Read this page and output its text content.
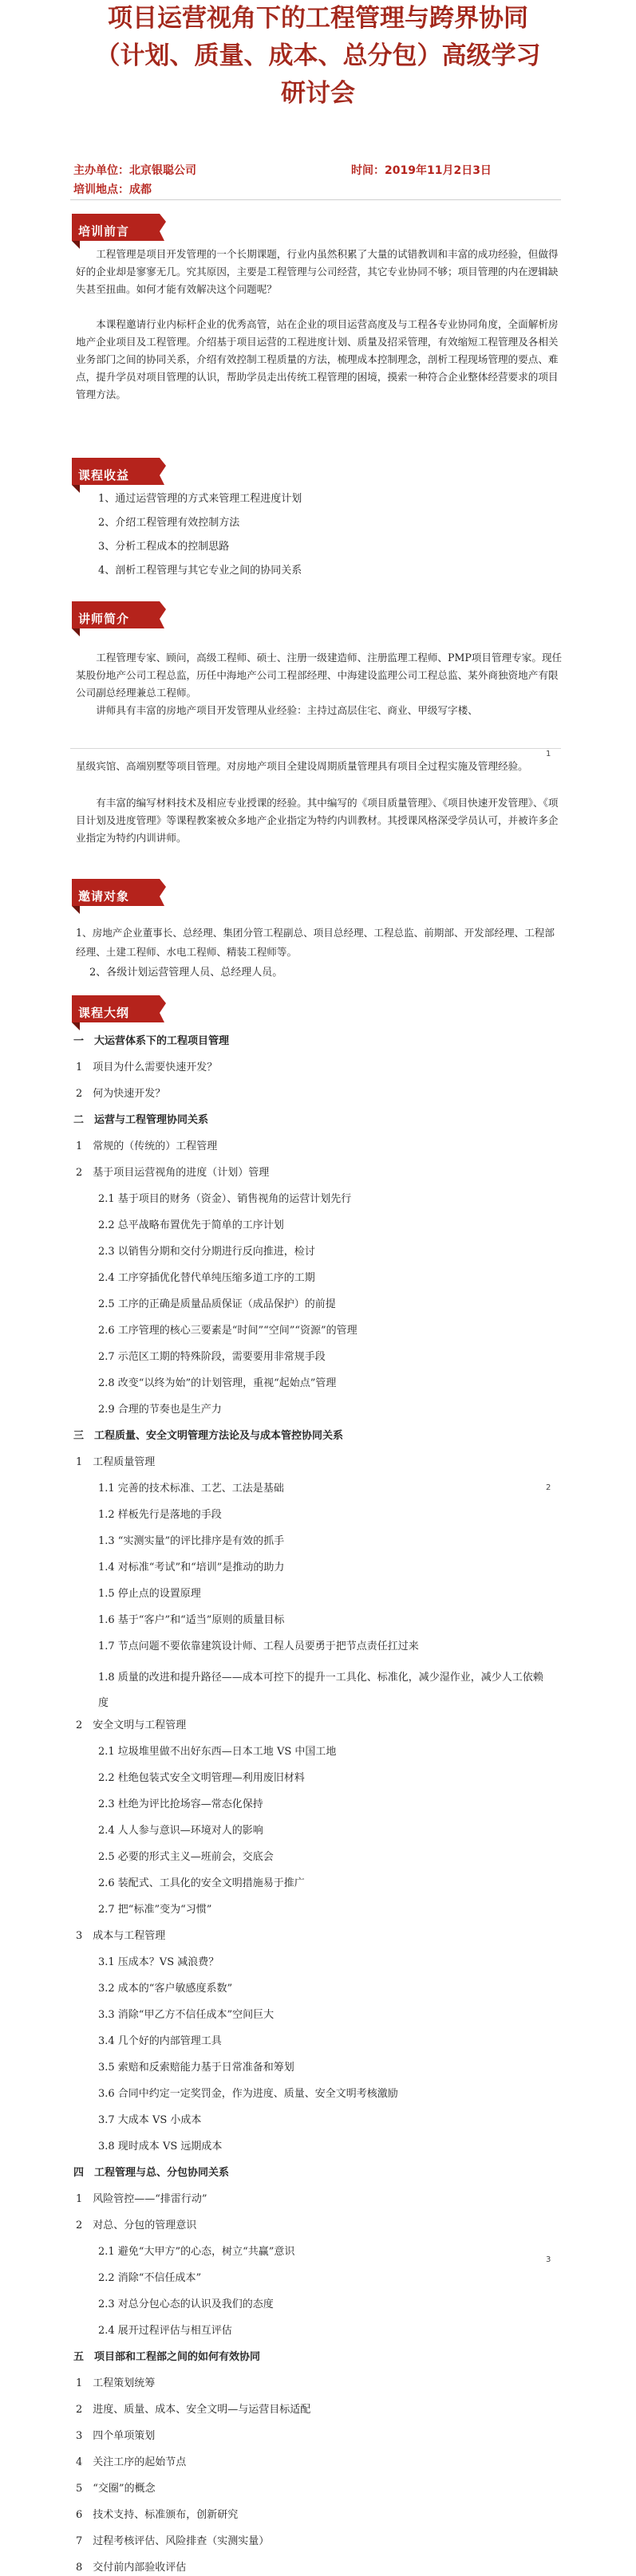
项目运营视角下的工程管理与跨界协同
（计划、质量、成本、总分包）高级学习
研讨会
主办单位：北京银聪公司	时间：2019年11月2日3日
培训地点：成都
培训前言
工程管理是项目开发管理的一个长期课题，行业内虽然积累了大量的试错教训和丰富的成功经验，但做得好的企业却是寥寥无几。究其原因，主要是工程管理与公司经营，其它专业协同不够；项目管理的内在逻辑缺失甚至扭曲。如何才能有效解决这个问题呢？
本课程邀请行业内标杆企业的优秀高管，站在企业的项目运营高度及与工程各专业协同角度，全面解析房地产企业项目及工程管理。介绍基于项目运营的工程进度计划、质量及招采管理，有效缩短工程管理及各相关业务部门之间的协同关系，介绍有效控制工程质量的方法，梳理成本控制理念，剖析工程现场管理的要点、难点，提升学员对项目管理的认识，帮助学员走出传统工程管理的困境，摸索一种符合企业整体经营要求的项目管理方法。
课程收益
1、通过运营管理的方式来管理工程进度计划
2、介绍工程管理有效控制方法
3、分析工程成本的控制思路
4、剖析工程管理与其它专业之间的协同关系
讲师简介
工程管理专家、顾问，高级工程师、硕士、注册一级建造师、注册监理工程师、PMP项目管理专家。现任某股份地产公司工程总监，历任中海地产公司工程部经理、中海建设监理公司工程总监、某外商独资地产有限公司副总经理兼总工程师。
讲师具有丰富的房地产项目开发管理从业经验：主持过高层住宅、商业、甲级写字楼、
1
星级宾馆、高端别墅等项目管理。对房地产项目全建设周期质量管理具有项目全过程实施及管理经验。
有丰富的编写材料技术及相应专业授课的经验。其中编写的《项目质量管理》、《项目快速开发管理》、《项目计划及进度管理》等课程教案被众多地产企业指定为特约内训教材。其授课风格深受学员认可，并被许多企业指定为特约内训讲师。
邀请对象
1、房地产企业董事长、总经理、集团分管工程副总、项目总经理、工程总监、前期部、开发部经理、工程部经理、土建工程师、水电工程师、精装工程师等。
2、各级计划运营管理人员、总经理人员。
课程大纲
一　大运营体系下的工程项目管理
1　项目为什么需要快速开发？
2　何为快速开发？
二　运营与工程管理协同关系
1　常规的（传统的）工程管理
2　基于项目运营视角的进度（计划）管理
2.1 基于项目的财务（资金）、销售视角的运营计划先行
2.2 总平战略布置优先于简单的工序计划
2.3 以销售分期和交付分期进行反向推进，检讨
2.4 工序穿插优化替代单纯压缩多道工序的工期
2.5 工序的正确是质量品质保证（成品保护）的前提
2.6 工序管理的核心三要素是“时间”“空间”“资源”的管理
2.7 示范区工期的特殊阶段，需要要用非常规手段
2.8 改变“以终为始”的计划管理，重视“起始点”管理
2.9 合理的节奏也是生产力
三　工程质量、安全文明管理方法论及与成本管控协同关系
1　工程质量管理
1.1 完善的技术标准、工艺、工法是基础
1.2 样板先行是落地的手段
1.3 “实测实量”的评比排序是有效的抓手
1.4 对标准“考试”和“培训”是推动的助力
1.5 停止点的设置原理
1.6 基于“客户”和“适当”原则的质量目标
1.7 节点问题不要依靠建筑设计师、工程人员要勇于把节点责任扛过来
1.8 质量的改进和提升路径——成本可控下的提升一工具化、标准化，减少湿作业，减少人工依赖度
2　安全文明与工程管理
2.1 垃圾堆里做不出好东西—日本工地 VS 中国工地
2.2 杜绝包装式安全文明管理—利用废旧材料
2.3 杜绝为评比抢场容—常态化保持
2.4 人人参与意识—环境对人的影响
2.5 必要的形式主义—班前会，交底会
2.6 装配式、工具化的安全文明措施易于推广
2.7 把“标准”变为“习惯”
3　成本与工程管理
3.1 压成本？VS 减浪费？
3.2 成本的“客户敏感度系数”
3.3 消除“甲乙方不信任成本”空间巨大
3.4 几个好的内部管理工具
3.5 索赔和反索赔能力基于日常准备和筹划
3.6 合同中约定一定奖罚金，作为进度、质量、安全文明考核激励
3.7 大成本 VS 小成本
3.8 现时成本 VS 远期成本
四　工程管理与总、分包协同关系
1　风险管控——“排雷行动”
2　对总、分包的管理意识
2.1 避免“大甲方”的心态，树立“共赢”意识
2.2 消除“不信任成本”
2.3 对总分包心态的认识及我们的态度
2.4 展开过程评估与相互评估
五　项目部和工程部之间的如何有效协同
1　工程策划统筹
2　进度、质量、成本、安全文明—与运营目标适配
3　四个单项策划
4　关注工序的起始节点
5　“交圈”的概念
6　技术支持、标准颁布，创新研究
7　过程考核评估、风险排查（实测实量）
8　交付前内部验收评估
2
3
